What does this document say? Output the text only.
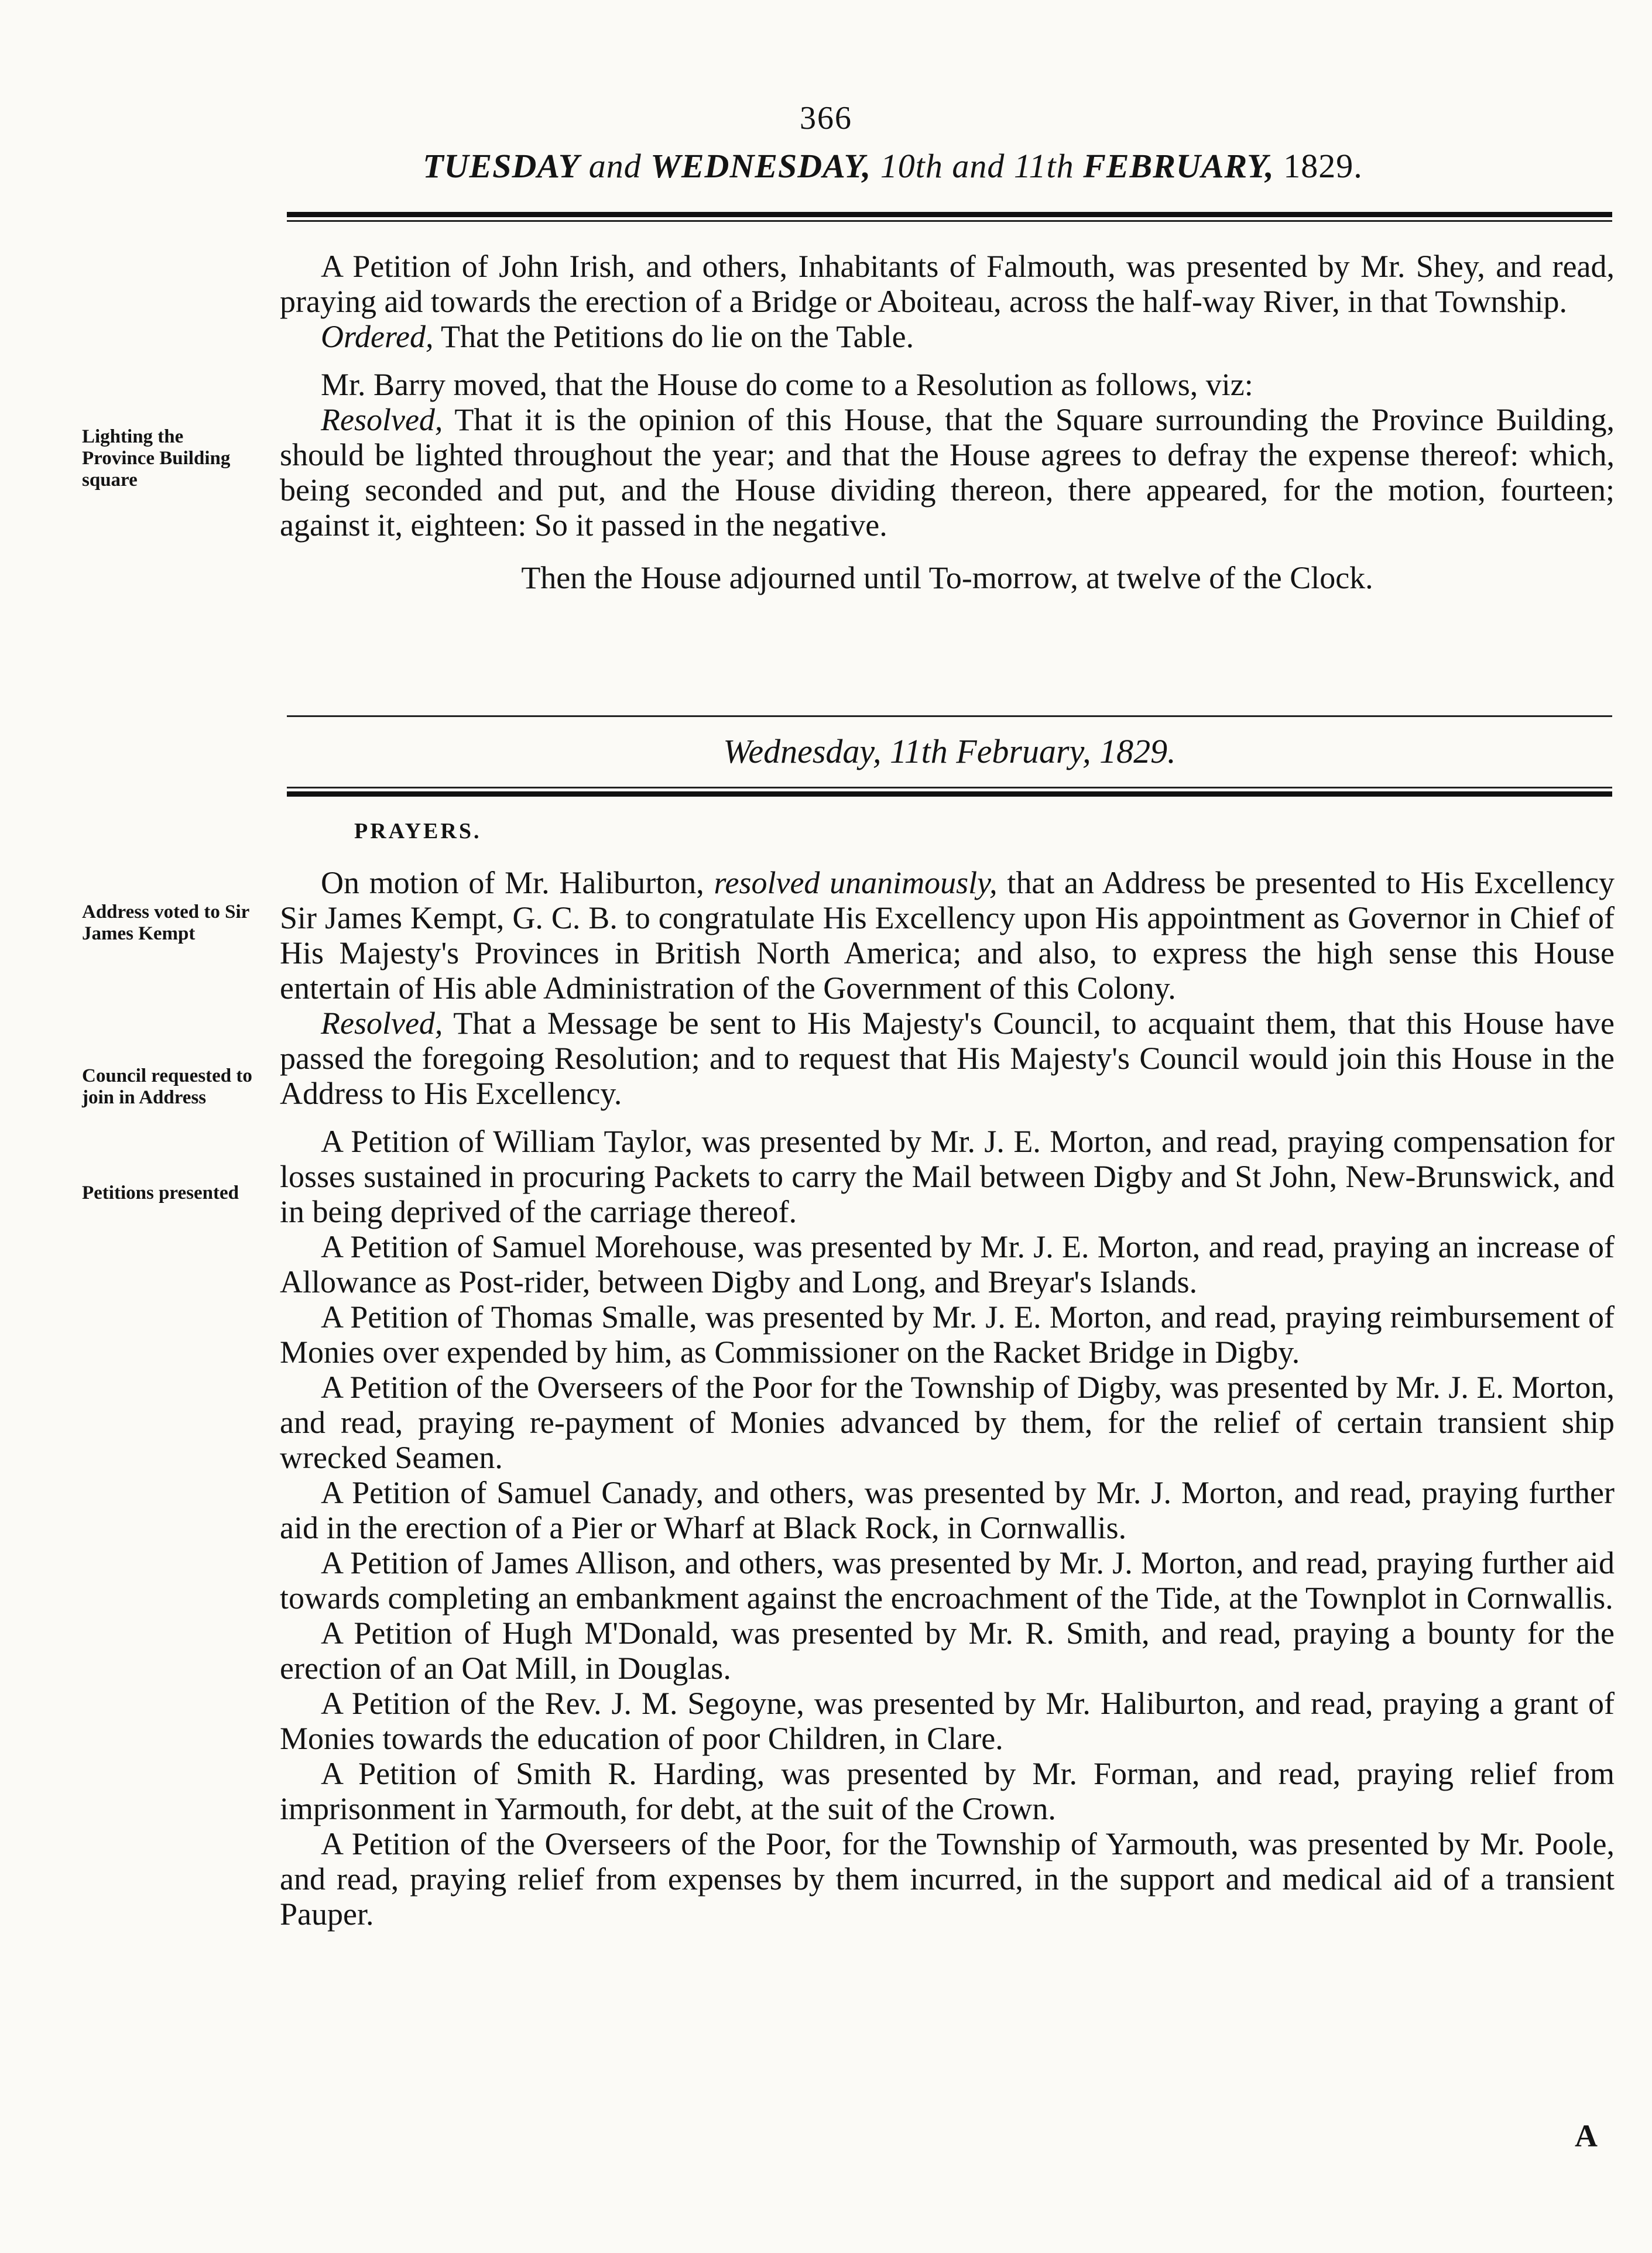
366
TUESDAY and WEDNESDAY, 10th and 11th FEBRUARY, 1829.
Lighting the Province Building square

A Petition of John Irish, and others, Inhabitants of Falmouth, was presented by Mr. Shey, and read, praying aid towards the erection of a Bridge or Aboiteau, across the half-way River, in that Township.

Ordered, That the Petitions do lie on the Table.

Mr. Barry moved, that the House do come to a Resolution as follows, viz:

Resolved, That it is the opinion of this House, that the Square surrounding the Province Building, should be lighted throughout the year; and that the House agrees to defray the expense thereof: which, being seconded and put, and the House dividing thereon, there appeared, for the motion, fourteen; against it, eighteen: So it passed in the negative.

Then the House adjourned until To-morrow, at twelve of the Clock.

Wednesday, 11th February, 1829.
PRAYERS.
Address voted to Sir James Kempt
Council requested to join in Address
Petitions presented

On motion of Mr. Haliburton, resolved unanimously, that an Address be presented to His Excellency Sir James Kempt, G. C. B. to congratulate His Excellency upon His appointment as Governor in Chief of His Majesty's Provinces in British North America; and also, to express the high sense this House entertain of His able Administration of the Government of this Colony.

Resolved, That a Message be sent to His Majesty's Council, to acquaint them, that this House have passed the foregoing Resolution; and to request that His Majesty's Council would join this House in the Address to His Excellency.

A Petition of William Taylor, was presented by Mr. J. E. Morton, and read, praying compensation for losses sustained in procuring Packets to carry the Mail between Digby and St John, New-Brunswick, and in being deprived of the carriage thereof.

A Petition of Samuel Morehouse, was presented by Mr. J. E. Morton, and read, praying an increase of Allowance as Post-rider, between Digby and Long, and Breyar's Islands.

A Petition of Thomas Smalle, was presented by Mr. J. E. Morton, and read, praying reimbursement of Monies over expended by him, as Commissioner on the Racket Bridge in Digby.

A Petition of the Overseers of the Poor for the Township of Digby, was presented by Mr. J. E. Morton, and read, praying re-payment of Monies advanced by them, for the relief of certain transient ship wrecked Seamen.

A Petition of Samuel Canady, and others, was presented by Mr. J. Morton, and read, praying further aid in the erection of a Pier or Wharf at Black Rock, in Cornwallis.

A Petition of James Allison, and others, was presented by Mr. J. Morton, and read, praying further aid towards completing an embankment against the encroachment of the Tide, at the Townplot in Cornwallis.

A Petition of Hugh M'Donald, was presented by Mr. R. Smith, and read, praying a bounty for the erection of an Oat Mill, in Douglas.

A Petition of the Rev. J. M. Segoyne, was presented by Mr. Haliburton, and read, praying a grant of Monies towards the education of poor Children, in Clare.

A Petition of Smith R. Harding, was presented by Mr. Forman, and read, praying relief from imprisonment in Yarmouth, for debt, at the suit of the Crown.

A Petition of the Overseers of the Poor, for the Township of Yarmouth, was presented by Mr. Poole, and read, praying relief from expenses by them incurred, in the support and medical aid of a transient Pauper.

A
